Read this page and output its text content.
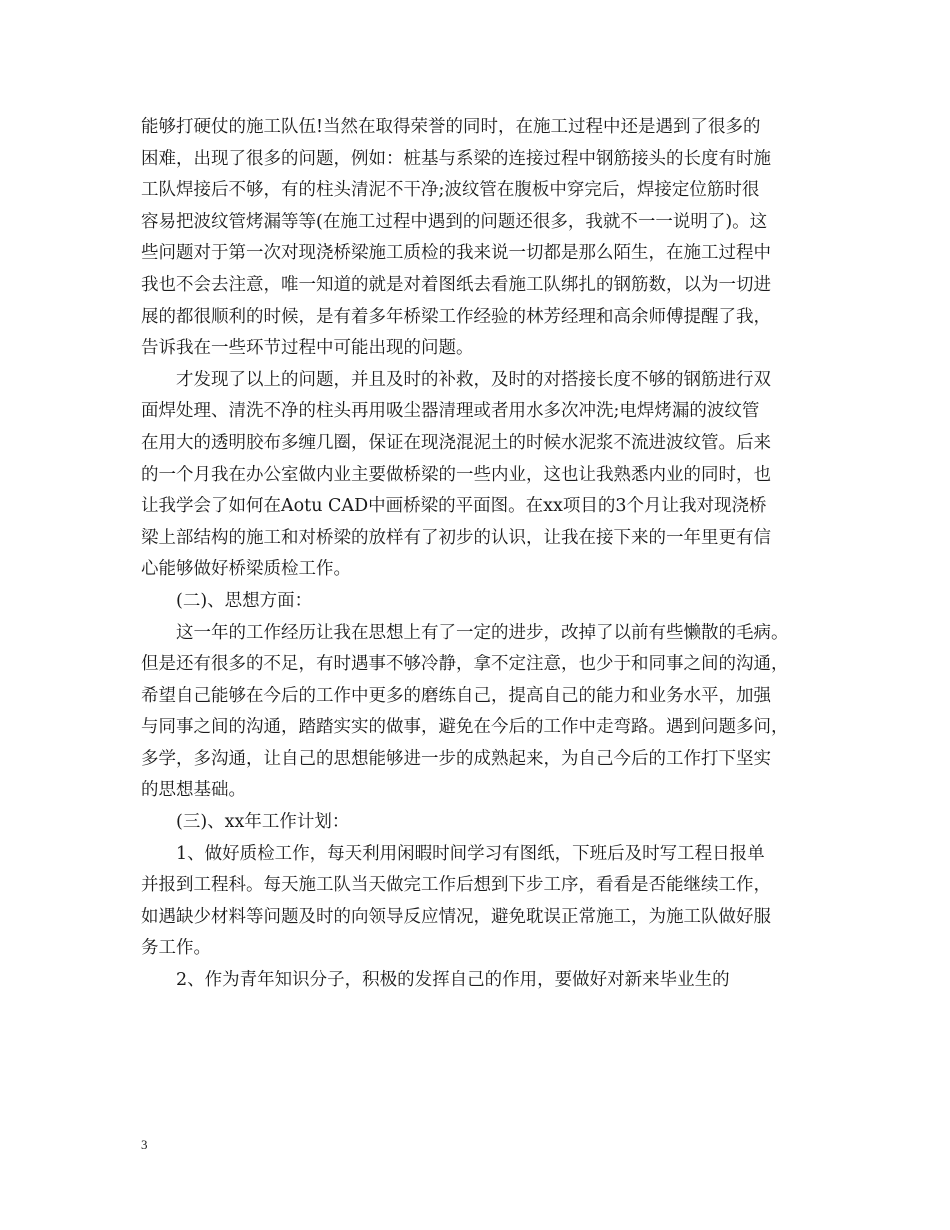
能够打硬仗的施工队伍!当然在取得荣誉的同时，在施工过程中还是遇到了很多的
困难，出现了很多的问题，例如：桩基与系梁的连接过程中钢筋接头的长度有时施
工队焊接后不够，有的柱头清泥不干净;波纹管在腹板中穿完后，焊接定位筋时很
容易把波纹管烤漏等等(在施工过程中遇到的问题还很多，我就不一一说明了)。这
些问题对于第一次对现浇桥梁施工质检的我来说一切都是那么陌生，在施工过程中
我也不会去注意，唯一知道的就是对着图纸去看施工队绑扎的钢筋数，以为一切进
展的都很顺利的时候，是有着多年桥梁工作经验的林芳经理和高余师傅提醒了我，
告诉我在一些环节过程中可能出现的问题。
　　才发现了以上的问题，并且及时的补救，及时的对搭接长度不够的钢筋进行双
面焊处理、清洗不净的柱头再用吸尘器清理或者用水多次冲洗;电焊烤漏的波纹管
在用大的透明胶布多缠几圈，保证在现浇混泥土的时候水泥浆不流进波纹管。后来
的一个月我在办公室做内业主要做桥梁的一些内业，这也让我熟悉内业的同时，也
让我学会了如何在Aotu CAD中画桥梁的平面图。在xx项目的3个月让我对现浇桥
梁上部结构的施工和对桥梁的放样有了初步的认识，让我在接下来的一年里更有信
心能够做好桥梁质检工作。
　　(二)、思想方面：
　　这一年的工作经历让我在思想上有了一定的进步，改掉了以前有些懒散的毛病。
但是还有很多的不足，有时遇事不够冷静，拿不定注意，也少于和同事之间的沟通，
希望自己能够在今后的工作中更多的磨练自己，提高自己的能力和业务水平，加强
与同事之间的沟通，踏踏实实的做事，避免在今后的工作中走弯路。遇到问题多问，
多学，多沟通，让自己的思想能够进一步的成熟起来，为自己今后的工作打下坚实
的思想基础。
　　(三)、xx年工作计划：
　　1、做好质检工作，每天利用闲暇时间学习有图纸，下班后及时写工程日报单
并报到工程科。每天施工队当天做完工作后想到下步工序，看看是否能继续工作，
如遇缺少材料等问题及时的向领导反应情况，避免耽误正常施工，为施工队做好服
务工作。
　　2、作为青年知识分子，积极的发挥自己的作用，要做好对新来毕业生的
3
